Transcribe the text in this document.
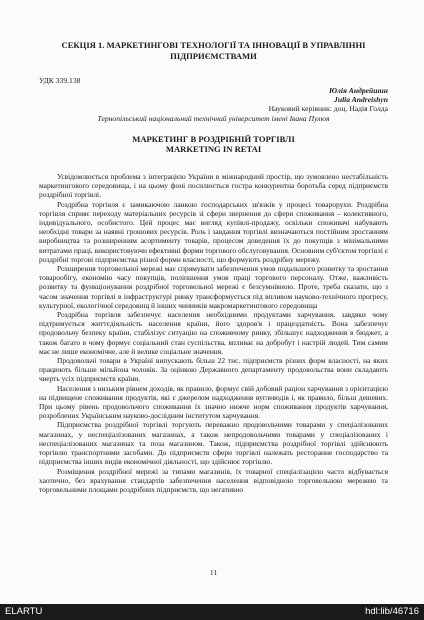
СЕКЦІЯ 1. МАРКЕТИНГОВІ ТЕХНОЛОГІЇ ТА ІННОВАЦІЇ В УПРАВЛІННІ ПІДПРИЄМСТВАМИ
УДК 339.138
Юлія Андрейшин
Julia Andreishyn
Науковий керівник: доц. Надія Голда
Тернопільський національний технічний університет імені Івана Пулюя
МАРКЕТИНГ В РОЗДРІБНІЙ ТОРГІВЛІ
MARKETING IN RETAI

Усвідомлюється проблема з інтеграцією України в міжнародний простір, що зумовлено нестабільність маркетингового середовища, і на цьому фоні посилюється гостра конкурентна боротьба серед підприємств роздрібної торгівлі.

Роздрібна торгівля є замикаючою ланкою господарських зв'язків у процесі товарорухи. Роздрібна торгівля сприяє переходу матеріальних ресурсів зі сфери звернення до сфери споживання – колективного, індивідуального, особистого. Цей процес має вигляд купівлі-продажу, оскільки споживачі набувають необхідні товари за наявні грошових ресурсів. Роль і завдання торгівлі визначаються постійним зростанням виробництва та розширенням асортименту товарів, процесом доведення їх до покупців з мінімальними витратами праці, використовуючи ефективні форми торгового обслуговування. Основним суб'єктом торгівлі є роздрібні торгові підприємства різної форми власності, що формують роздрібну мережу.

Розширення торговельної мережі має спрямувати забезпечення умов подальшого розвитку та зростання товарообігу, економію часу покупців, поліпшення умов праці торгового персоналу. Отже, важливість розвитку та функціонування роздрібної торговельної мережі є безсумнівною. Проте, треба сказати, що з часом значення торгівлі в інфраструктурі ринку трансформується під впливом науково-технічного прогресу, культурної, екологічної середовищ й інших чинників макромаркетингового середовища

Роздрібна торгівля забезпечує населення необхідними продуктами харчування, завдяки чому підтримується життєдіяльність населення країни, його здоров'я і працездатність. Вона забезпечує продовольчу безпеку країни, стабілізує ситуацію на споживчому ринку, збільшує надходження в бюджет, а також багато в чому формує соціальний стан суспільства, впливає на добробут і настрій людей. Тим самим має не лише економічне, але й велике соціальне значення.

Продовольчі товари в Україні випускають більш 22 тис. підприємств різних форм власності, на яких працюють більше мільйона чоловік. За оцінкою Державного департаменту продовольства вони складають чверть усіх підприємств країни.

Населення з низьким рівнем доходів, як правило, формує свій добовий раціон харчування з орієнтацією на підвищене споживання продуктів, які є джерелом надходження вуглеводів і, як правило, більш дешевих. При цьому рівень продовольчого споживання їх значно нижче норм споживання продуктів харчування, розроблених Українським науково-дослідним інститутом харчування.

Підприємства роздрібної торгівлі торгують переважно продовольчими товарами у спеціалізованих магазинах, у неспеціалізованих магазинах, а також непродовольчими товарами у спеціалізованих і неспеціалізованих магазинах та поза магазином. Також, підприємства роздрібної торгівлі здійснюють торгівлю транспортними засобами. До підприємств сфери торгівлі належать ресторанне господарство та підприємства інших видів економічної діяльності, що здійснює торгівлю.

Розміщення роздрібної мережі за типами магазинів, їх товарної спеціалізацією часто відбувається хаотично, без врахування стандартів забезпечення населення відповідною торговельною мережею та торговельними площами роздрібних підприємств, що негативно

11
ELARTU	hdl:lib/46716
